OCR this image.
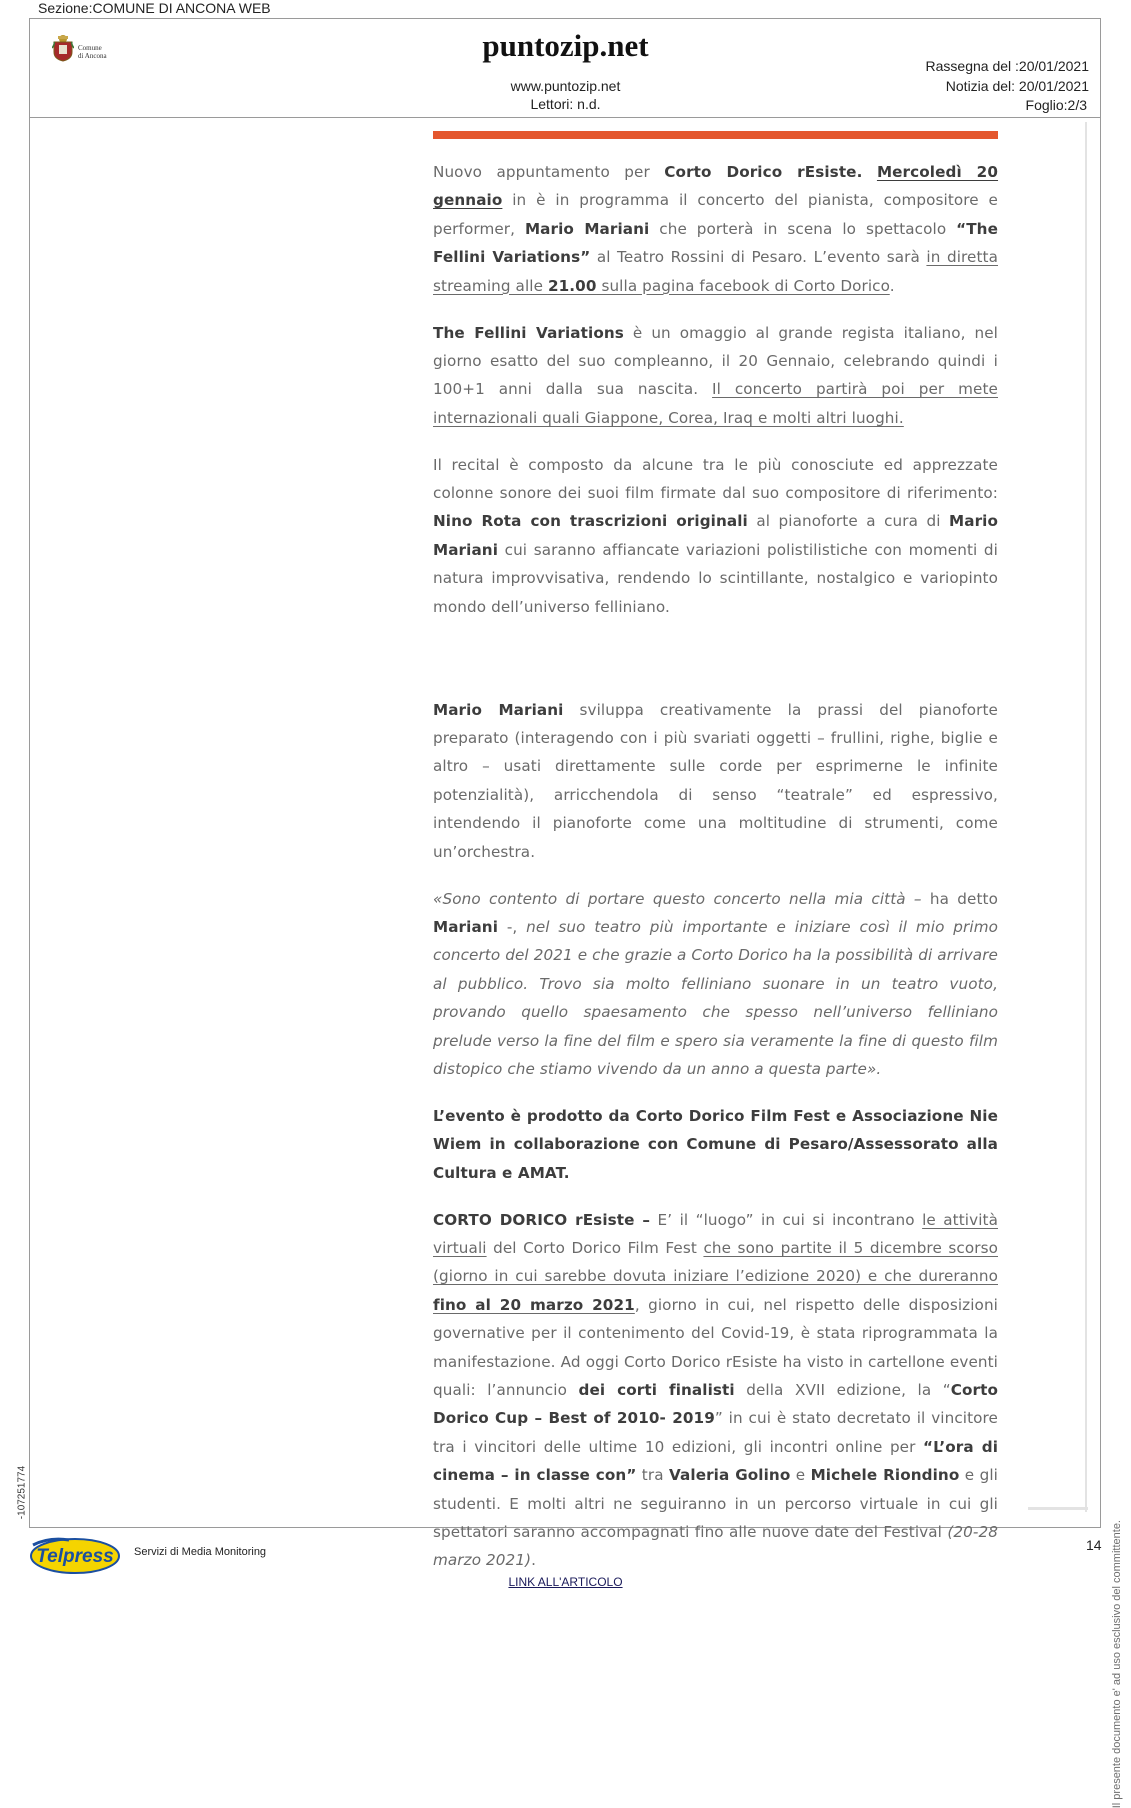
Sezione:COMUNE DI ANCONA WEB
Comune
di Ancona	puntozip.net
www.puntozip.net
Lettori: n.d.
Rassegna del :20/01/2021
Notizia del: 20/01/2021
Foglio:2/3

Nuovo appuntamento per Corto Dorico rEsiste. Mercoledì 20 gennaio in è in programma il concerto del pianista, compositore e performer, Mario Mariani che porterà in scena lo spettacolo “The Fellini Variations” al Teatro Rossini di Pesaro. L’evento sarà in diretta streaming alle 21.00 sulla pagina facebook di Corto Dorico.

The Fellini Variations è un omaggio al grande regista italiano, nel giorno esatto del suo compleanno, il 20 Gennaio, celebrando quindi i 100+1 anni dalla sua nascita. Il concerto partirà poi per mete internazionali quali Giappone, Corea, Iraq e molti altri luoghi.

Il recital è composto da alcune tra le più conosciute ed apprezzate colonne sonore dei suoi film firmate dal suo compositore di riferimento: Nino Rota con trascrizioni originali al pianoforte a cura di Mario Mariani cui saranno affiancate variazioni polistilistiche con momenti di natura improvvisativa, rendendo lo scintillante, nostalgico e variopinto mondo dell’universo felliniano.

Mario Mariani sviluppa creativamente la prassi del pianoforte preparato (interagendo con i più svariati oggetti – frullini, righe, biglie e altro – usati direttamente sulle corde per esprimerne le infinite potenzialità), arricchendola di senso “teatrale” ed espressivo, intendendo il pianoforte come una moltitudine di strumenti, come un’orchestra.

«Sono contento di portare questo concerto nella mia città – ha detto Mariani -, nel suo teatro più importante e iniziare così il mio primo concerto del 2021 e che grazie a Corto Dorico ha la possibilità di arrivare al pubblico. Trovo sia molto felliniano suonare in un teatro vuoto, provando quello spaesamento che spesso nell’universo felliniano prelude verso la fine del film e spero sia veramente la fine di questo film distopico che stiamo vivendo da un anno a questa parte».

L’evento è prodotto da Corto Dorico Film Fest e Associazione Nie Wiem in collaborazione con Comune di Pesaro/Assessorato alla Cultura e AMAT.

CORTO DORICO rEsiste – E’ il “luogo” in cui si incontrano le attività virtuali del Corto Dorico Film Fest che sono partite il 5 dicembre scorso (giorno in cui sarebbe dovuta iniziare l’edizione 2020) e che dureranno fino al 20 marzo 2021, giorno in cui, nel rispetto delle disposizioni governative per il contenimento del Covid-19, è stata riprogrammata la manifestazione. Ad oggi Corto Dorico rEsiste ha visto in cartellone eventi quali: l’annuncio dei corti finalisti della XVII edizione, la “Corto Dorico Cup – Best of 2010- 2019” in cui è stato decretato il vincitore tra i vincitori delle ultime 10 edizioni, gli incontri online per “L’ora di cinema – in classe con” tra Valeria Golino e Michele Riondino e gli studenti. E molti altri ne seguiranno in un percorso virtuale in cui gli spettatori saranno accompagnati fino alle nuove date del Festival (20-28 marzo 2021).

-107251774
Il presente documento e' ad uso esclusivo del committente.
14
Telpress Servizi di Media Monitoring
LINK ALL'ARTICOLO
